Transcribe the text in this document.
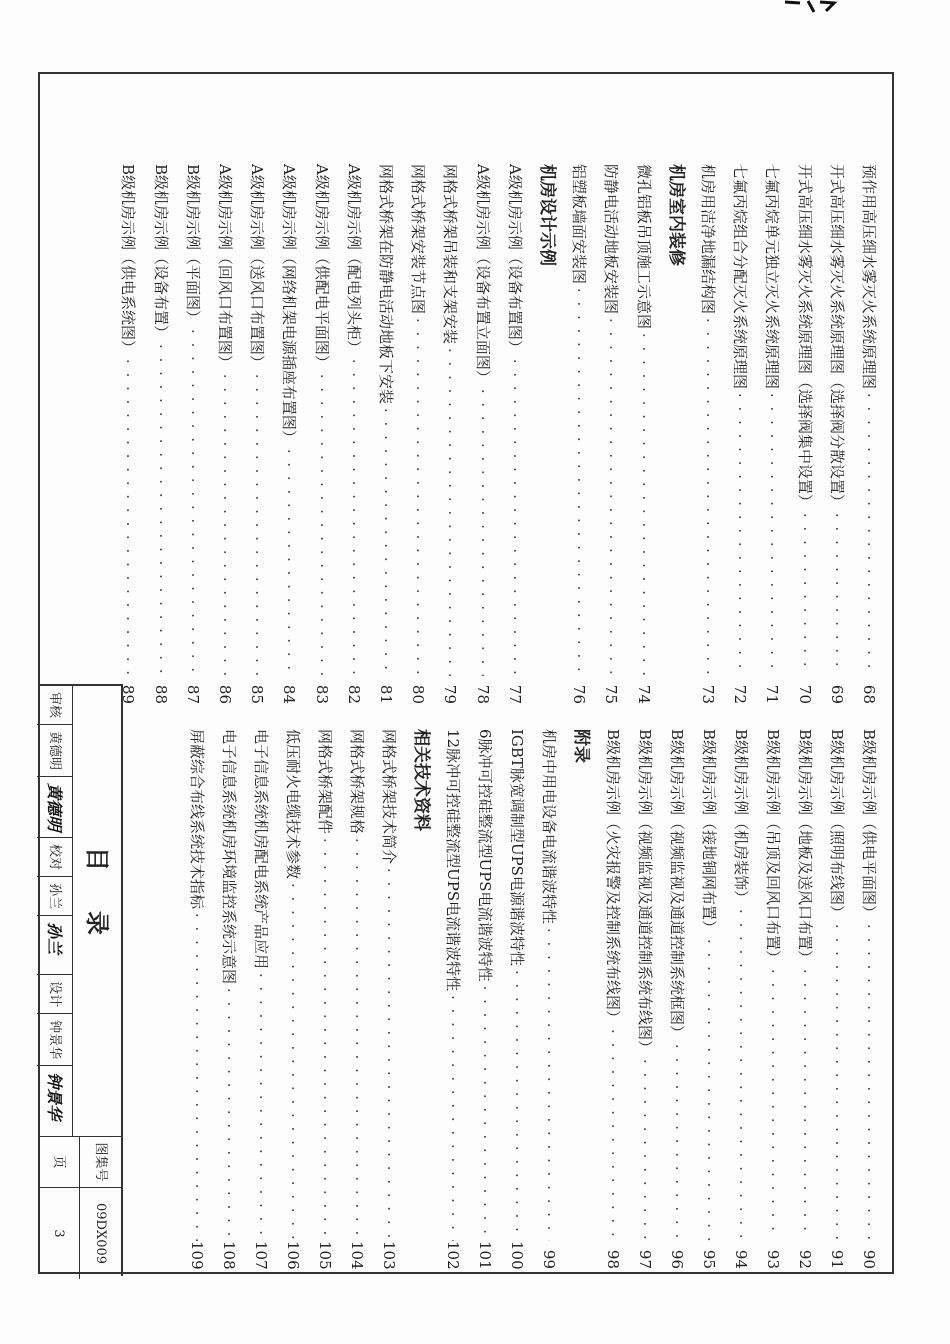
预作用高压细水雾灭火系统原理图
· · ·
68
开式高压细水雾灭火系统原理图（选择阀分散设置）
· · ·
69
开式高压细水雾灭火系统原理图（选择阀集中设置）
· · ·
70
七氟丙烷单元独立灭火系统原理图
· · ·
71
七氟丙烷组合分配灭火系统原理图
· · ·
72
机房用洁净地漏结构图
· · ·
73
机房室内装修
微孔铝板吊顶施工示意图
· · ·
74
防静电活动地板安装图
· · ·
75
铝塑板墙面安装图
· · ·
76
机房设计示例
A级机房示例（设备布置图）
· · ·
77
A级机房示例（设备布置立面图）
· · ·
78
网格式桥架吊装和支架安装
· · ·
79
网格式桥架安装节点图
· · ·
80
网格式桥架在防静电活动地板下安装
· · ·
81
A级机房示例（配电列头柜）
· · ·
82
A级机房示例（供配电平面图）
· · ·
83
A级机房示例（网络机架电源插座布置图）
· · ·
84
A级机房示例（送风口布置图）
· · ·
85
A级机房示例（回风口布置图）
· · ·
86
B级机房示例（平面图）
· · ·
87
B级机房示例（设备布置）
· · ·
88
B级机房示例（供电系统图）
· · ·
89
B级机房示例（供电平面图）
· · ·
90
B级机房示例（照明布线图）
· · ·
91
B级机房示例（地板及送风口布置）
· · ·
92
B级机房示例（吊顶及回风口布置）
· · ·
93
B级机房示例（机房装饰）
· · ·
94
B级机房示例（接地铜网布置）
· · ·
95
B级机房示例（视频监视及通道控制系统框图）
· · ·
96
B级机房示例（视频监视及通道控制系统布线图）
· · ·
97
B级机房示例（火灾报警及控制系统布线图）
· · ·
98
附录
机房中用电设备电流谐波特性
· · ·
99
IGBT脉宽调制型UPS电源谐波特性
· · ·
100
6脉冲可控硅整流型UPS电流谐波特性
· · ·
101
12脉冲可控硅整流型UPS电流谐波特性
· · ·
102
相关技术资料
网格式桥架技术简介
· · ·
103
网格式桥架规格
· · ·
104
网格式桥架配件
· · ·
105
低压耐火电缆技术参数
· · ·
106
电子信息系统机房配电系统产品应用
· · ·
107
电子信息系统机房环境监控系统示意图
· · ·
108
屏蔽综合布线系统技术指标
· · ·
109
目录
审核
黄德明
黄德明
校对
孙兰
孙兰
设计
钟景华
钟景华
图集号
09DX009
页
3
